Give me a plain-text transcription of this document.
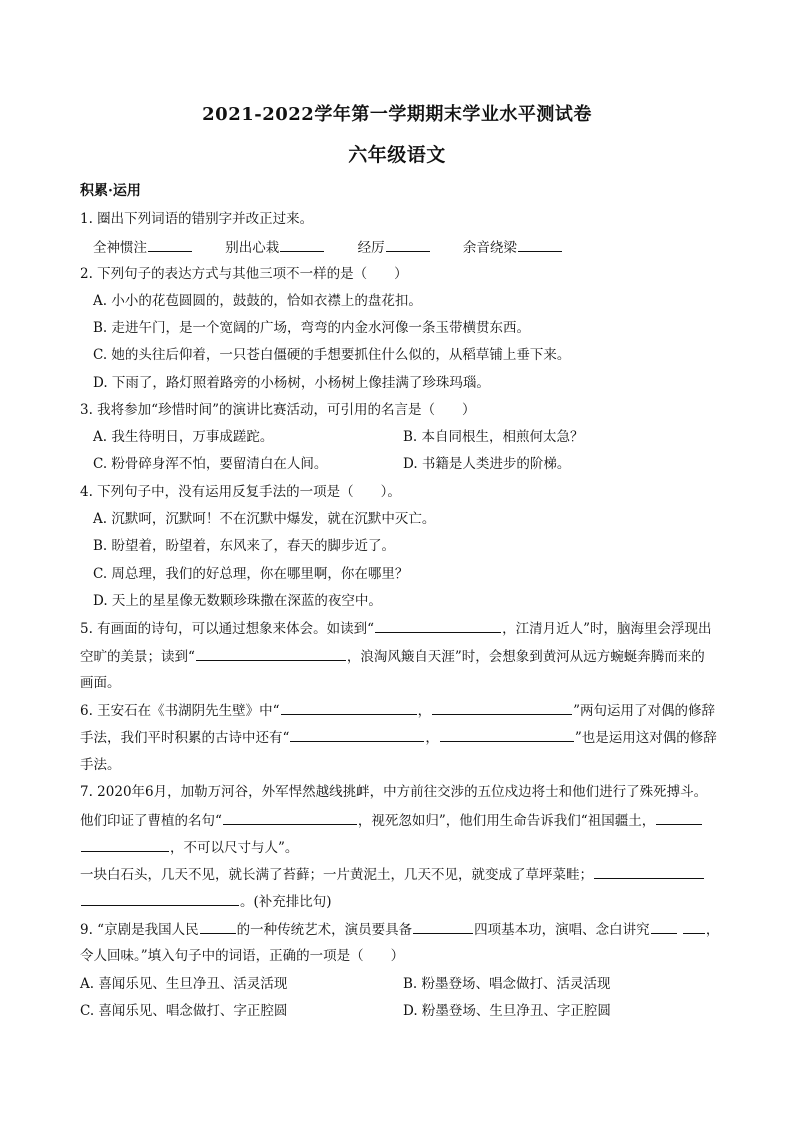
2021-2022学年第一学期期末学业水平测试卷
六年级语文
积累·运用
1. 圈出下列词语的错别字并改正过来。
全神惯注	别出心栽	经厉	余音绕梁
2. 下列句子的表达方式与其他三项不一样的是（　　）
A. 小小的花苞圆圆的，鼓鼓的，恰如衣襟上的盘花扣。
B. 走进午门，是一个宽阔的广场，弯弯的内金水河像一条玉带横贯东西。
C. 她的头往后仰着，一只苍白僵硬的手想要抓住什么似的，从稻草铺上垂下来。
D. 下雨了，路灯照着路旁的小杨树，小杨树上像挂满了珍珠玛瑙。
3. 我将参加“珍惜时间”的演讲比赛活动，可引用的名言是（　　）
A. 我生待明日，万事成蹉跎。	B. 本自同根生，相煎何太急？
C. 粉骨碎身浑不怕，要留清白在人间。	D. 书籍是人类进步的阶梯。
4. 下列句子中，没有运用反复手法的一项是（　　）。
A. 沉默呵，沉默呵！不在沉默中爆发，就在沉默中灭亡。
B. 盼望着，盼望着，东风来了，春天的脚步近了。
C. 周总理，我们的好总理，你在哪里啊，你在哪里？
D. 天上的星星像无数颗珍珠撒在深蓝的夜空中。
5. 有画面的诗句，可以通过想象来体会。如读到“	，江清月近人”时，脑海里会浮现出
空旷的美景；读到“	，浪淘风簸自天涯”时，会想象到黄河从远方蜿蜒奔腾而来的
画面。
6. 王安石在《书湖阴先生壁》中“	，	”两句运用了对偶的修辞
手法，我们平时积累的古诗中还有“	，	”也是运用这对偶的修辞
手法。
7. 2020年6月，加勒万河谷，外军悍然越线挑衅，中方前往交涉的五位戍边将士和他们进行了殊死搏斗。
他们印证了曹植的名句“	，视死忽如归”，他们用生命告诉我们“祖国疆土，
，不可以尺寸与人”。
一块白石头，几天不见，就长满了苔藓；一片黄泥土，几天不见，就变成了草坪菜畦；
。(补充排比句)
9. “京剧是我国人民	的一种传统艺术，演员要具备	四项基本功，演唱、念白讲究	，
令人回味。”填入句子中的词语，正确的一项是（　　）
A. 喜闻乐见、生旦净丑、活灵活现	B. 粉墨登场、唱念做打、活灵活现
C. 喜闻乐见、唱念做打、字正腔圆	D. 粉墨登场、生旦净丑、字正腔圆
